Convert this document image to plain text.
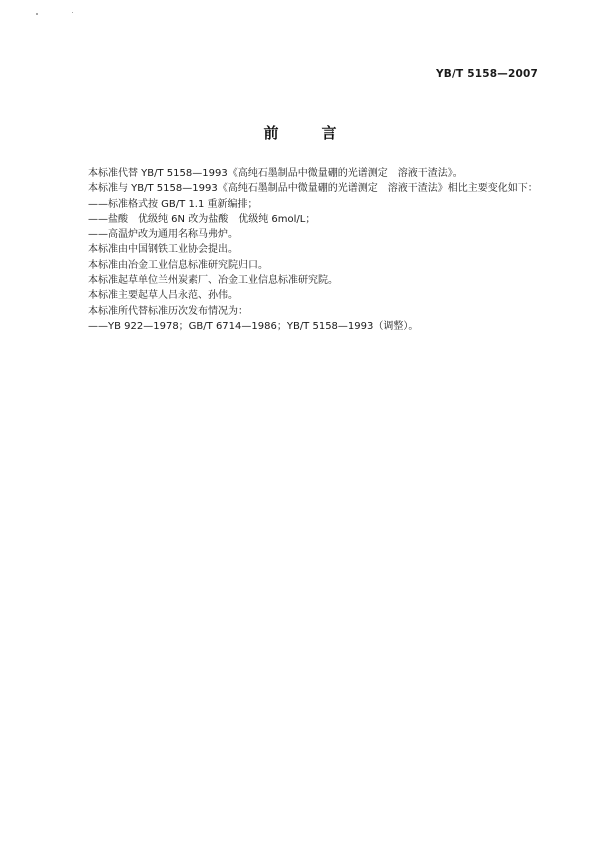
YB/T 5158—2007
前　言
本标准代替 YB/T 5158—1993《高纯石墨制品中微量硼的光谱测定　溶液干渣法》。
本标准与 YB/T 5158—1993《高纯石墨制品中微量硼的光谱测定　溶液干渣法》相比主要变化如下：
——标准格式按 GB/T 1.1 重新编排；
——盐酸　优级纯 6N 改为盐酸　优级纯 6mol/L；
——高温炉改为通用名称马弗炉。
本标准由中国钢铁工业协会提出。
本标准由冶金工业信息标准研究院归口。
本标准起草单位兰州炭素厂、冶金工业信息标准研究院。
本标准主要起草人吕永范、孙伟。
本标准所代替标准历次发布情况为：
——YB 922—1978；GB/T 6714—1986；YB/T 5158—1993（调整）。
